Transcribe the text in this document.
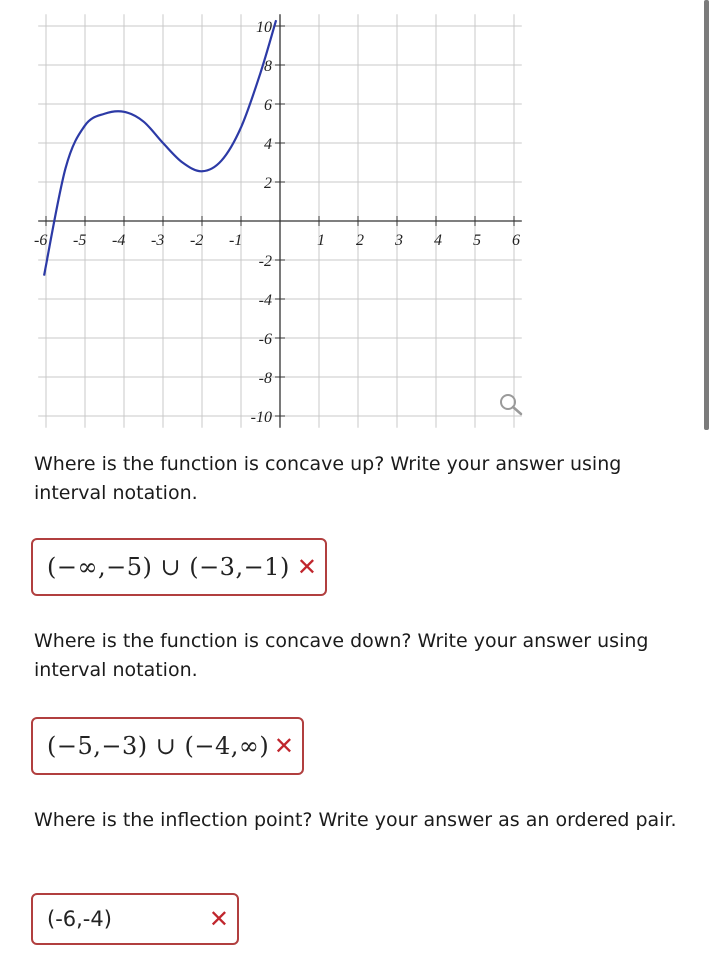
-6 -5 -4 -3 -2 -1	1 2 3 4 5 6
10
8
6
4
2
-2
-4
-6
-8
-10
Where is the function is concave up? Write your answer using interval notation.
(−∞,−5) ∪ (−3,−1) ✕
Where is the function is concave down? Write your answer using interval notation.
(−5,−3) ∪ (−4,∞) ✕
Where is the inflection point? Write your answer as an ordered pair.
(-6,-4)	✕
